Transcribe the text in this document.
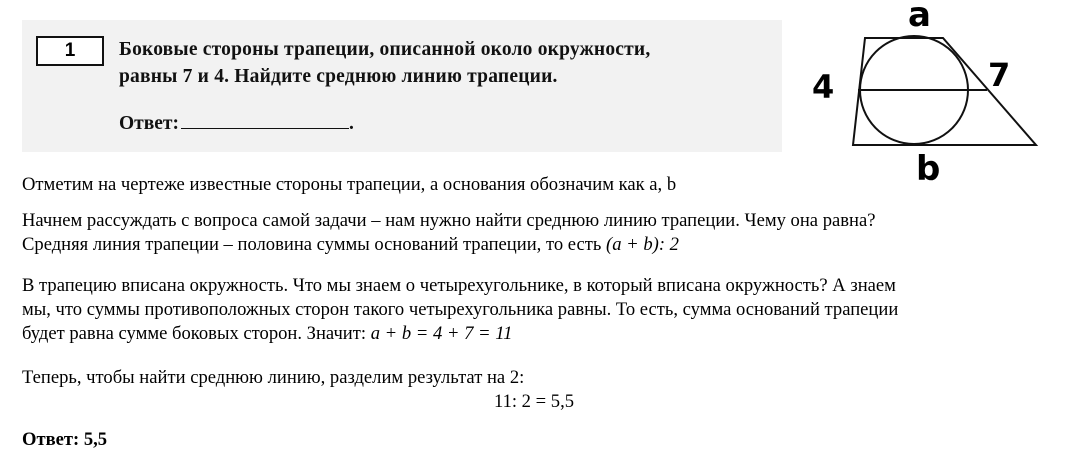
1	Боковые стороны трапеции, описанной около окружности,
равны 7 и 4. Найдите среднюю линию трапеции.
Ответ:	.
a
b
4	7
Отметим на чертеже известные стороны трапеции, а основания обозначим как a, b
Начнем рассуждать с вопроса самой задачи – нам нужно найти среднюю линию трапеции. Чему она равна?
Средняя линия трапеции – половина суммы оснований трапеции, то есть (a + b): 2
В трапецию вписана окружность. Что мы знаем о четырехугольнике, в который вписана окружность? А знаем
мы, что суммы противоположных сторон такого четырехугольника равны. То есть, сумма оснований трапеции
будет равна сумме боковых сторон. Значит: a + b = 4 + 7 = 11
Теперь, чтобы найти среднюю линию, разделим результат на 2:
11: 2 = 5,5
Ответ: 5,5
